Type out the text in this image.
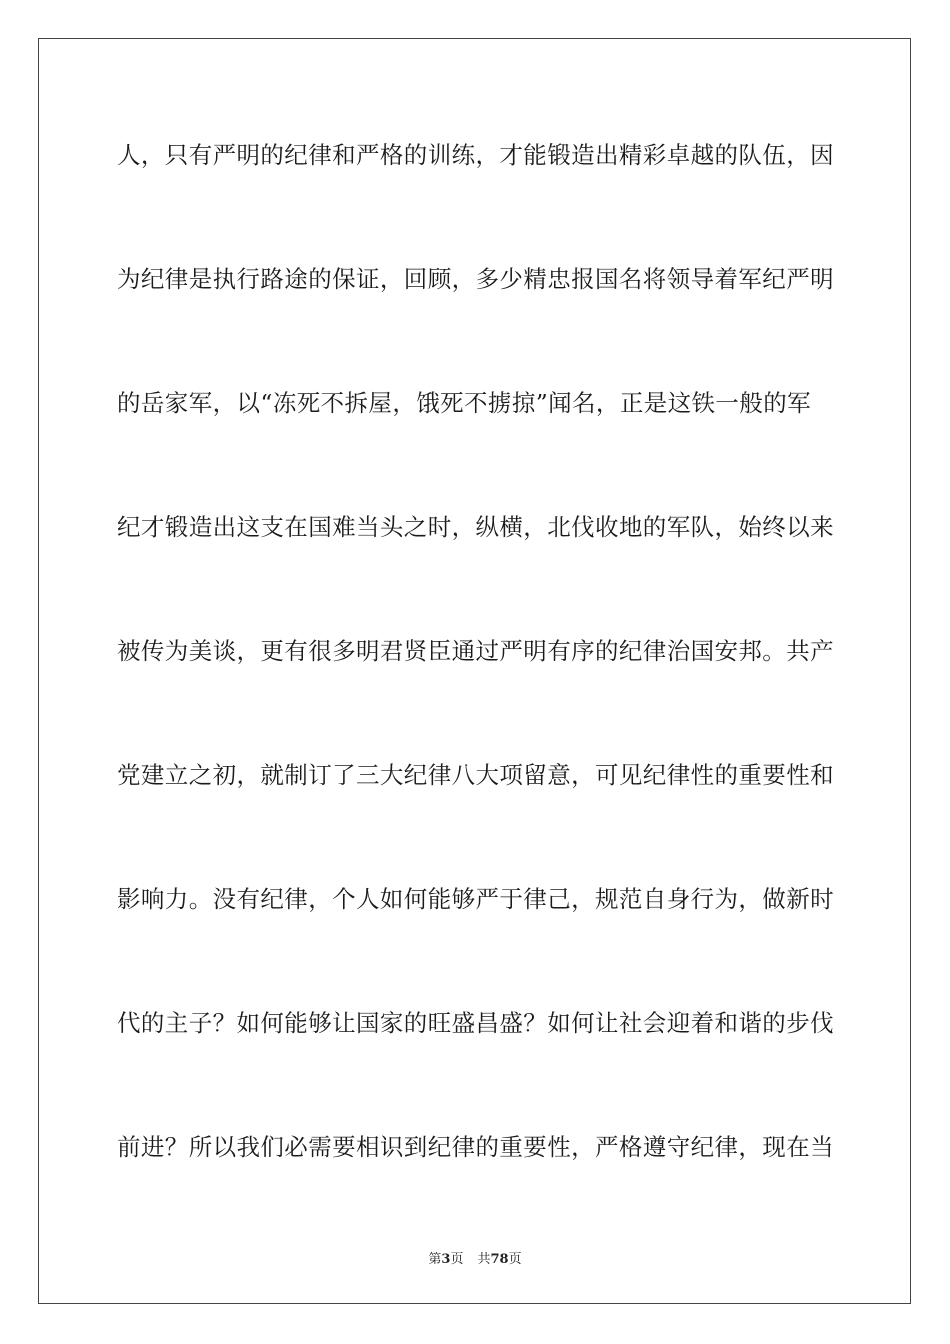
人，只有严明的纪律和严格的训练，才能锻造出精彩卓越的队伍，因
为纪律是执行路途的保证，回顾，多少精忠报国名将领导着军纪严明
的岳家军，以“冻死不拆屋，饿死不掳掠”闻名，正是这铁一般的军
纪才锻造出这支在国难当头之时，纵横，北伐收地的军队，始终以来
被传为美谈，更有很多明君贤臣通过严明有序的纪律治国安邦。共产
党建立之初，就制订了三大纪律八大项留意，可见纪律性的重要性和
影响力。没有纪律，个人如何能够严于律己，规范自身行为，做新时
代的主子？如何能够让国家的旺盛昌盛？如何让社会迎着和谐的步伐
前进？所以我们必需要相识到纪律的重要性，严格遵守纪律，现在当
第3页 共78页
